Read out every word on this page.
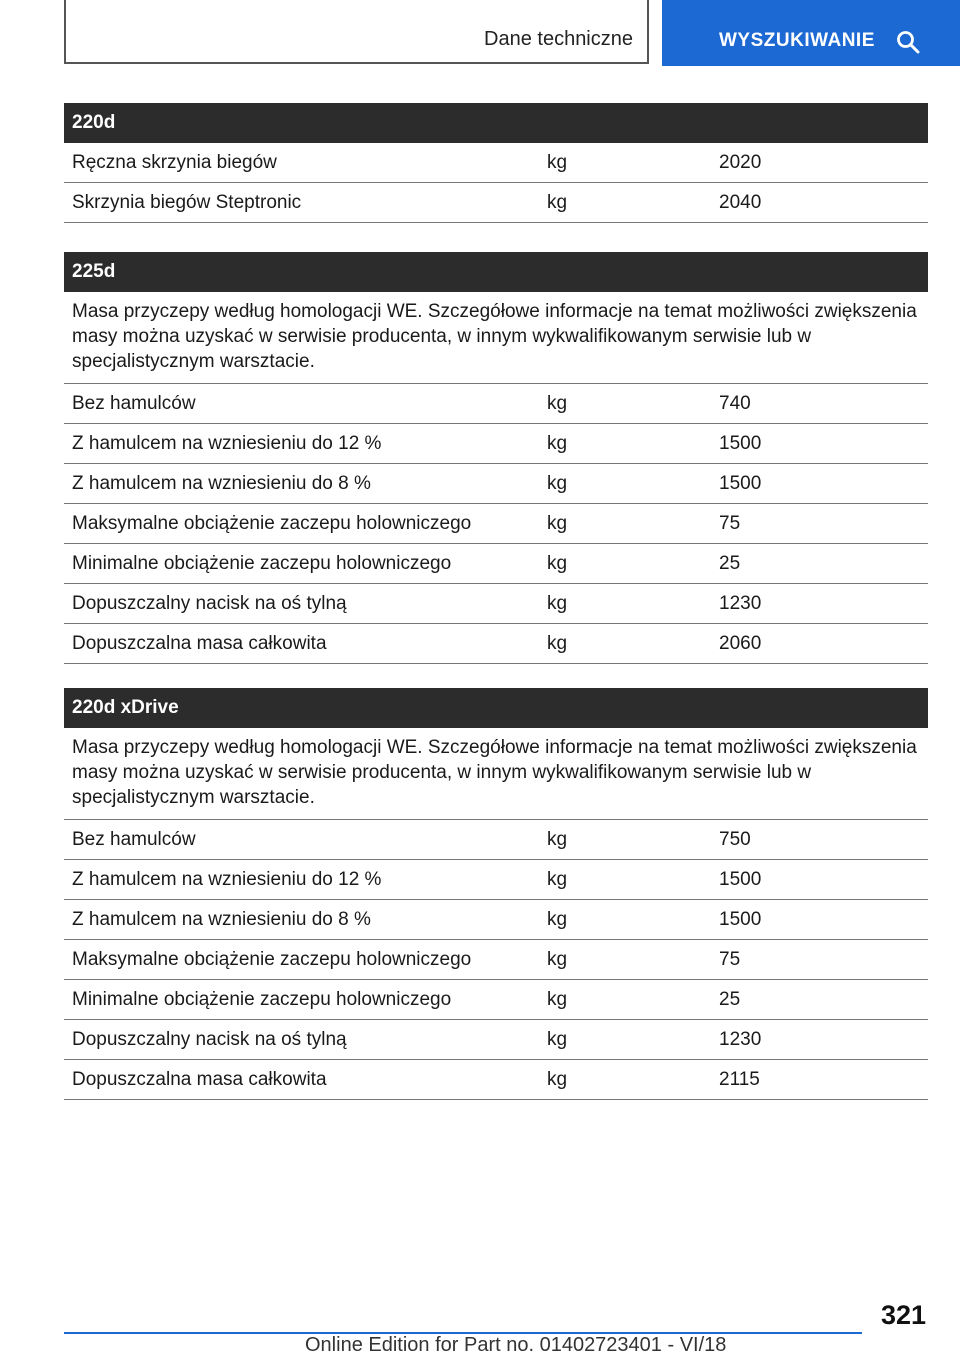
Dane techniczne	WYSZUKIWANIE
220d
Ręczna skrzynia biegów	kg	2020
Skrzynia biegów Steptronic	kg	2040
225d
Masa przyczepy według homologacji WE. Szczegółowe informacje na temat możliwości zwiększenia masy można uzyskać w serwisie producenta, w innym wykwalifikowanym serwisie lub w specjalistycznym warsztacie.
Bez hamulców	kg	740
Z hamulcem na wzniesieniu do 12 %	kg	1500
Z hamulcem na wzniesieniu do 8 %	kg	1500
Maksymalne obciążenie zaczepu holowniczego	kg	75
Minimalne obciążenie zaczepu holowniczego	kg	25
Dopuszczalny nacisk na oś tylną	kg	1230
Dopuszczalna masa całkowita	kg	2060
220d xDrive
Masa przyczepy według homologacji WE. Szczegółowe informacje na temat możliwości zwiększenia masy można uzyskać w serwisie producenta, w innym wykwalifikowanym serwisie lub w specjalistycznym warsztacie.
Bez hamulców	kg	750
Z hamulcem na wzniesieniu do 12 %	kg	1500
Z hamulcem na wzniesieniu do 8 %	kg	1500
Maksymalne obciążenie zaczepu holowniczego	kg	75
Minimalne obciążenie zaczepu holowniczego	kg	25
Dopuszczalny nacisk na oś tylną	kg	1230
Dopuszczalna masa całkowita	kg	2115
321
Online Edition for Part no. 01402723401 - VI/18
